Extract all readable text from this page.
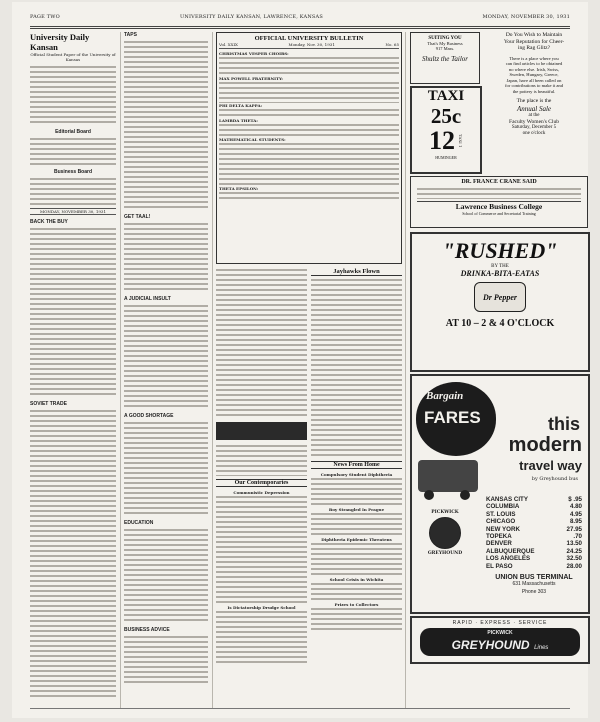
PAGE TWO	UNIVERSITY DAILY KANSAN, LAWRENCE, KANSAS	MONDAY, NOVEMBER 30, 1931
University Daily Kansan
Official Student Paper of the University of Kansas
Editorial Board
Business Board
MONDAY, NOVEMBER 30, 1931
BACK THE BUY
SOVIET TRADE
TAPS
GET TAAL!
A JUDICIAL INSULT
A GOOD SHORTAGE
EDUCATION
BUSINESS ADVICE
OFFICIAL UNIVERSITY BULLETIN
Vol. XXIX	Monday, Nov. 30, 1931	No. 65
CHRISTMAS VESPER CHOIRS:
MAX POWELL FRATERNITY:
PHI DELTA KAPPA:
LAMBDA THETA:
MATHEMATICAL STUDENTS:
THETA EPSILON:
Our Contemporaries
Communistic Depression
Is Dictatorship Drudge School
Jayhawks Flown
News From Home
Compulsory Student Diphtheria
Boy Strangled In Prague
Diphtheria Epidemic Threatens
School Crisis in Wichita
Prizes to Collectors
SUITING YOU
That's My Business
917 Mass.
Shultz the Tailor
TAXI
25c
12 TAXI 1
HUMINGER
Do You Wish to Maintain
Your Reputation for Cheer-
ing Rag Glitz?
There is a place where you
can find articles to be obtained
no where else. Irish, Swiss,
Sweden, Hungary, Greece,
Japan, have all been called on
for contributions to make it and
the pottery is beautiful.
The place is the
Annual Sale
at the
Faculty Women's Club
Saturday, December 5
one o'clock
DR. FRANCE CRANE SAID
Lawrence Business College
School of Commerce and Secretarial Training
"RUSHED"
BY THE
DRINKA-BITA-EATAS
Dr Pepper
AT 10 – 2 & 4 O'CLOCK
Bargain
FARES	this
modern
travel way
by Greyhound bus
PICKWICK
GREYHOUND
KANSAS CITY	$ .95
COLUMBIA	4.80
ST. LOUIS	4.95
CHICAGO	8.95
NEW YORK	27.95
TOPEKA	.70
DENVER	13.50
ALBUQUERQUE	24.25
LOS ANGELES	32.50
EL PASO	28.00
UNION BUS TERMINAL
631 Massachusetts
Phone 303
RAPID · EXPRESS · SERVICE
PICKWICK
GREYHOUND Lines
